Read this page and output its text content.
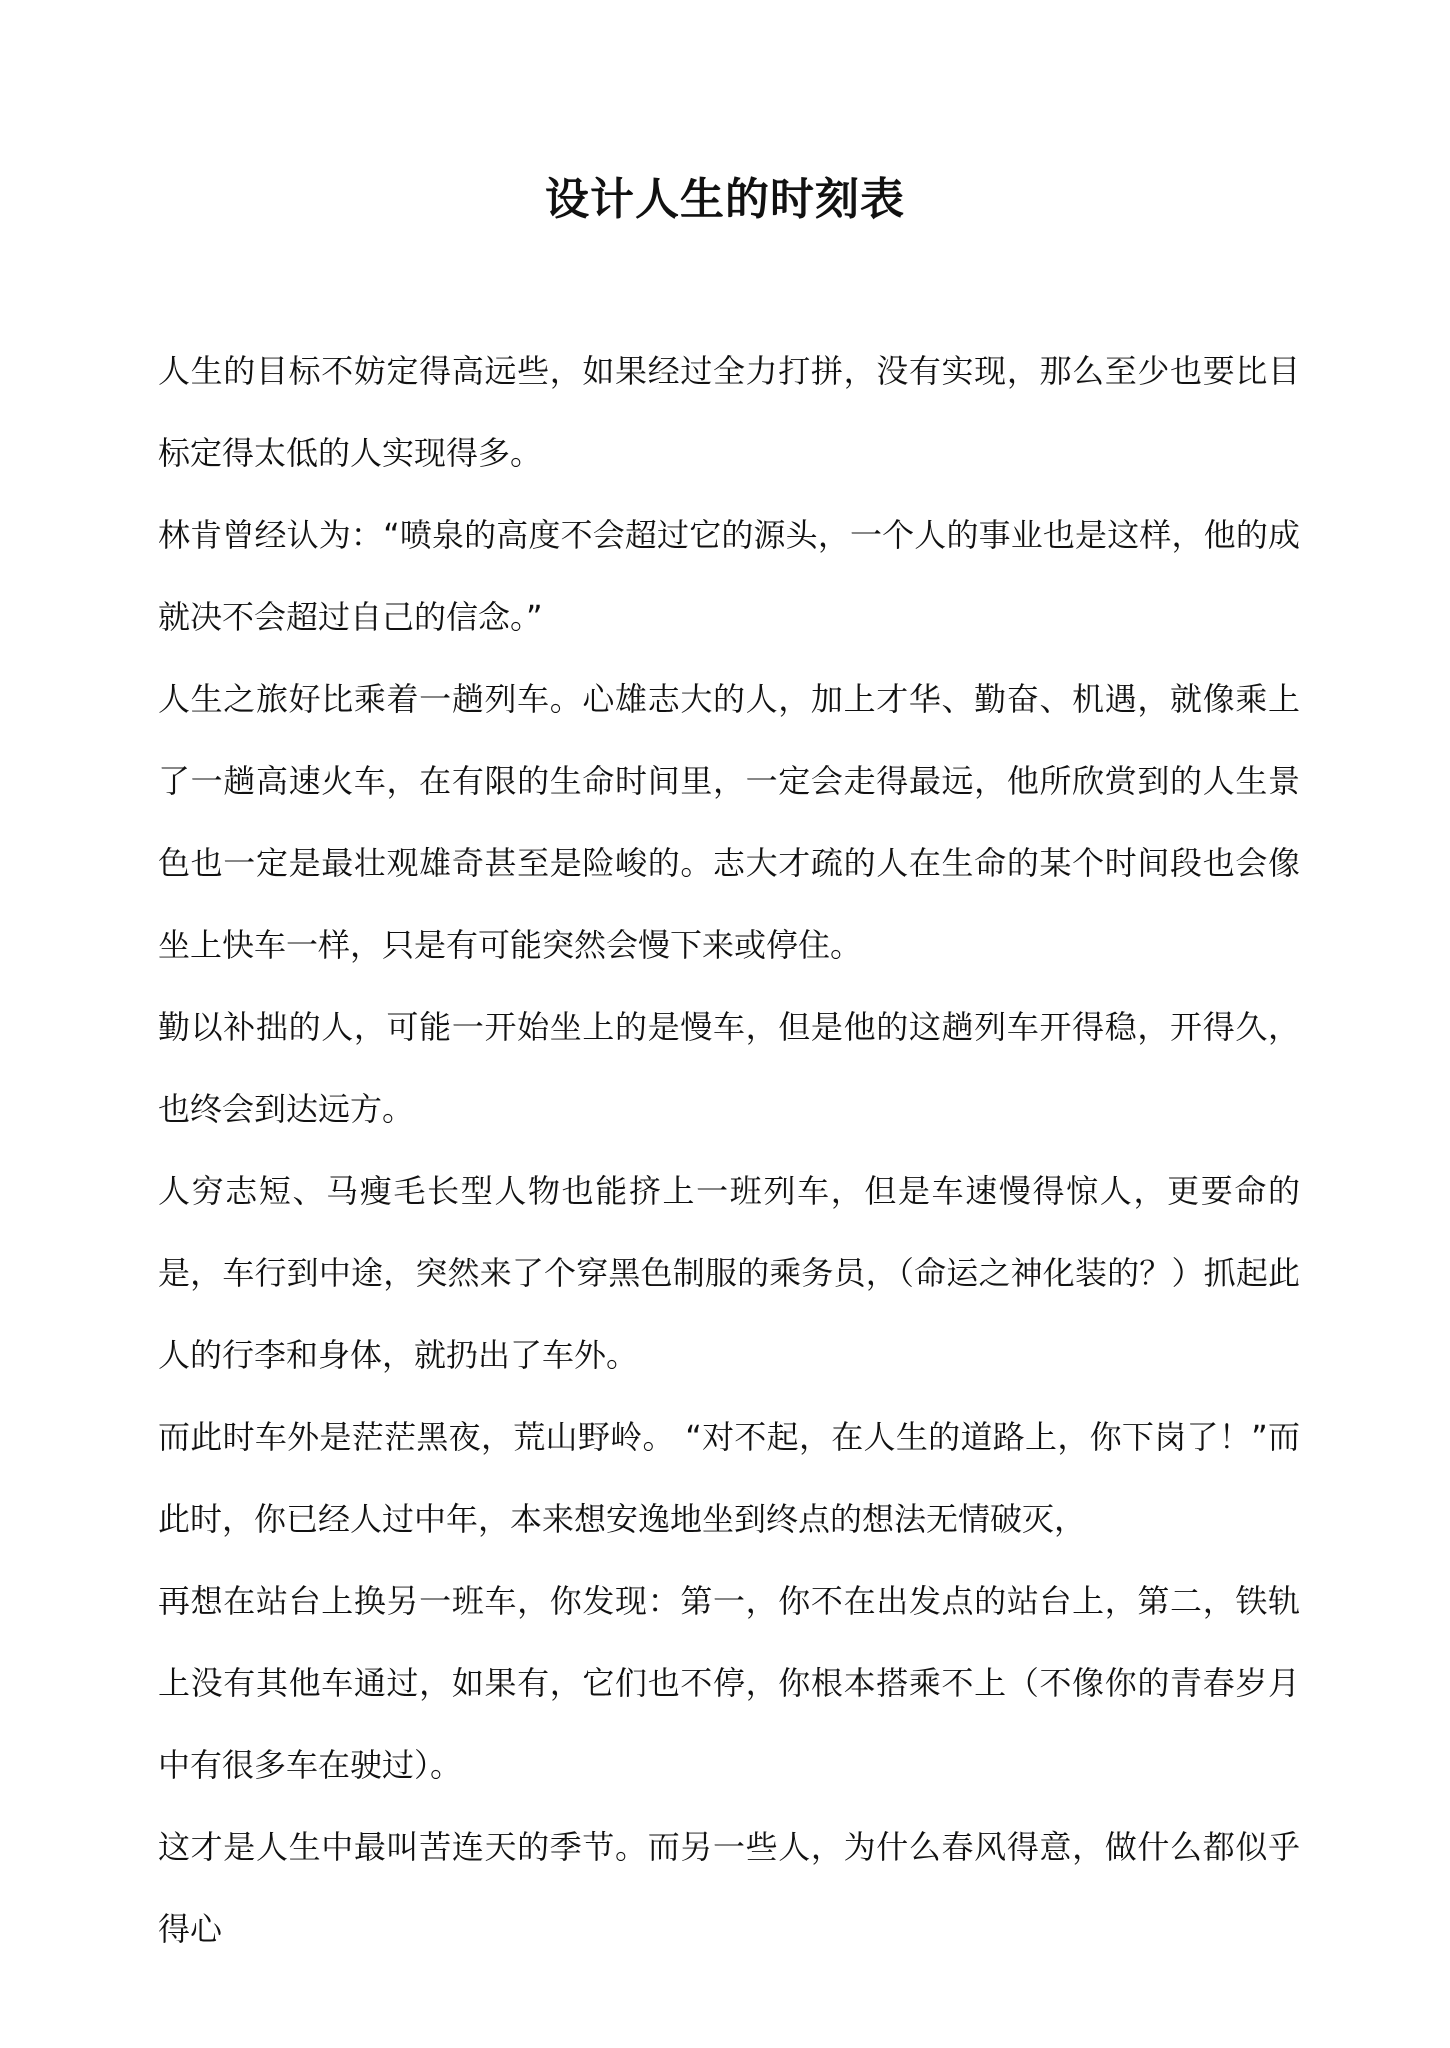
设计人生的时刻表

人生的目标不妨定得高远些，如果经过全力打拼，没有实现，那么至少也要比目标定得太低的人实现得多。

林肯曾经认为：“喷泉的高度不会超过它的源头，一个人的事业也是这样，他的成就决不会超过自己的信念。”

人生之旅好比乘着一趟列车。心雄志大的人，加上才华、勤奋、机遇，就像乘上了一趟高速火车，在有限的生命时间里，一定会走得最远，他所欣赏到的人生景色也一定是最壮观雄奇甚至是险峻的。志大才疏的人在生命的某个时间段也会像坐上快车一样，只是有可能突然会慢下来或停住。

勤以补拙的人，可能一开始坐上的是慢车，但是他的这趟列车开得稳，开得久，也终会到达远方。

人穷志短、马瘦毛长型人物也能挤上一班列车，但是车速慢得惊人，更要命的是，车行到中途，突然来了个穿黑色制服的乘务员，（命运之神化装的？）抓起此人的行李和身体，就扔出了车外。

而此时车外是茫茫黑夜，荒山野岭。 “对不起，在人生的道路上，你下岗了！”而此时，你已经人过中年，本来想安逸地坐到终点的想法无情破灭，

再想在站台上换另一班车，你发现：第一，你不在出发点的站台上，第二，铁轨上没有其他车通过，如果有，它们也不停，你根本搭乘不上（不像你的青春岁月中有很多车在驶过）。

这才是人生中最叫苦连天的季节。而另一些人，为什么春风得意，做什么都似乎得心
